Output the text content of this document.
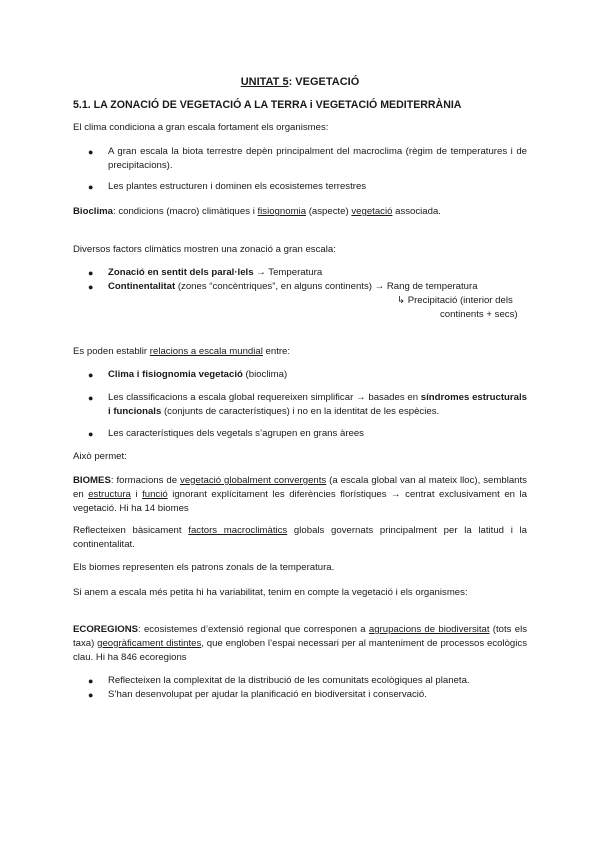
UNITAT 5: VEGETACIÓ
5.1. LA ZONACIÓ DE VEGETACIÓ A LA TERRA i VEGETACIÓ MEDITERRÀNIA
El clima condiciona a gran escala fortament els organismes:
● A gran escala la biota terrestre depèn principalment del macroclima (règim de temperatures i de precipitacions).
● Les plantes estructuren i dominen els ecosistemes terrestres
Bioclima: condicions (macro) climàtiques i fisiognomia (aspecte) vegetació associada.
Diversos factors climàtics mostren una zonació a gran escala:
● Zonació en sentit dels paral·lels → Temperatura
● Continentalitat (zones “concèntriques”, en alguns continents) → Rang de temperatura
↳ Precipitació (interior dels
continents + secs)
Es poden establir relacions a escala mundial entre:
● Clima i fisiognomia vegetació (bioclima)
● Les classificacions a escala global requereixen simplificar → basades en síndromes estructurals i funcionals (conjunts de característiques) i no en la identitat de les espècies.
● Les característiques dels vegetals s’agrupen en grans àrees
Això permet:
BIOMES: formacions de vegetació globalment convergents (a escala global van al mateix lloc), semblants en estructura i funció ignorant explícitament les diferències florístiques → centrat exclusivament en la vegetació. Hi ha 14 biomes
Reflecteixen bàsicament factors macroclimàtics globals governats principalment per la latitud i la continentalitat.
Els biomes representen els patrons zonals de la temperatura.
Si anem a escala més petita hi ha variabilitat, tenim en compte la vegetació i els organismes:
ECOREGIONS: ecosistemes d’extensió regional que corresponen a agrupacions de biodiversitat (tots els taxa) geogràficament distintes, que engloben l’espai necessari per al manteniment de processos ecològics clau. Hi ha 846 ecoregions
● Reflecteixen la complexitat de la distribució de les comunitats ecològiques al planeta.
● S’han desenvolupat per ajudar la planificació en biodiversitat i conservació.
